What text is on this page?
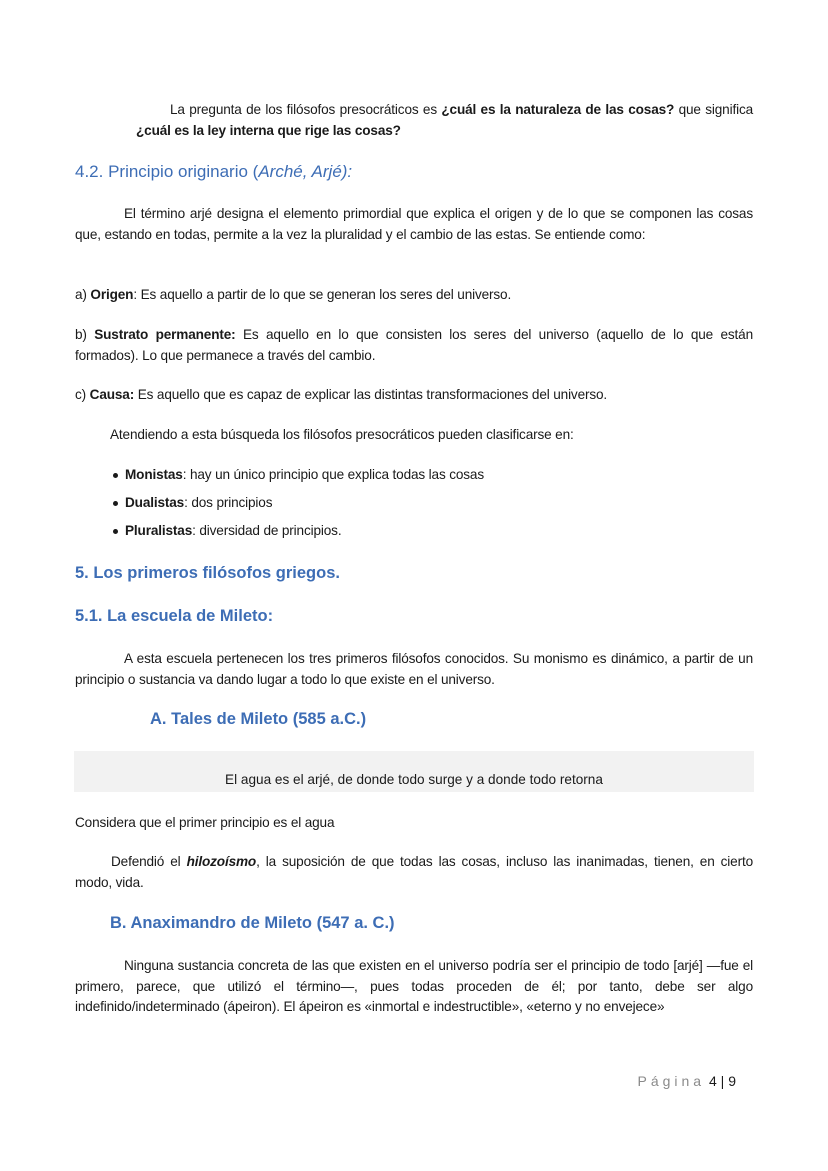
La pregunta de los filósofos presocráticos es ¿cuál es la naturaleza de las cosas? que significa ¿cuál es la ley interna que rige las cosas?
4.2. Principio originario (Arché, Arjé):
El término arjé designa el elemento primordial que explica el origen y de lo que se componen las cosas que, estando en todas, permite a la vez la pluralidad y el cambio de las estas. Se entiende como:
a) Origen: Es aquello a partir de lo que se generan los seres del universo.
b) Sustrato permanente: Es aquello en lo que consisten los seres del universo (aquello de lo que están formados). Lo que permanece a través del cambio.
c) Causa: Es aquello que es capaz de explicar las distintas transformaciones del universo.
Atendiendo a esta búsqueda los filósofos presocráticos pueden clasificarse en:
Monistas: hay un único principio que explica todas las cosas
Dualistas: dos principios
Pluralistas: diversidad de principios.
5. Los primeros filósofos griegos.
5.1. La escuela de Mileto:
A esta escuela pertenecen los tres primeros filósofos conocidos. Su monismo es dinámico, a partir de un principio o sustancia va dando lugar a todo lo que existe en el universo.
A. Tales de Mileto (585 a.C.)
El agua es el arjé, de donde todo surge y a donde todo retorna
Considera que el primer principio es el agua
Defendió el hilozoísmo, la suposición de que todas las cosas, incluso las inanimadas, tienen, en cierto modo, vida.
B. Anaximandro de Mileto (547 a. C.)
Ninguna sustancia concreta de las que existen en el universo podría ser el principio de todo [arjé] —fue el primero, parece, que utilizó el término—, pues todas proceden de él; por tanto, debe ser algo indefinido/indeterminado (ápeiron). El ápeiron es «inmortal e indestructible», «eterno y no envejece»
Página 4 | 9
